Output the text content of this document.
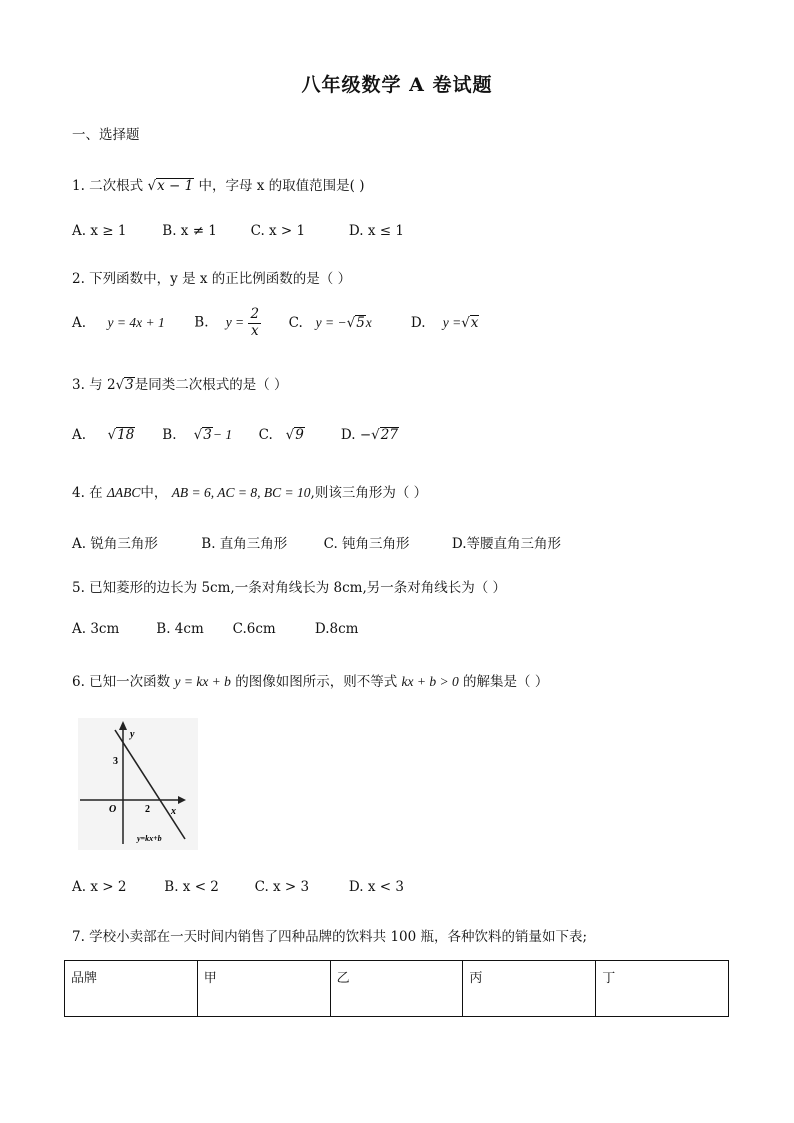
八年级数学 A 卷试题
一、选择题
1. 二次根式 √x − 1 中，字母 x 的取值范围是( )
A. x ≥ 1	B. x ≠ 1 C. x > 1	D. x ≤ 1
2. 下列函数中，y 是 x 的正比例函数的是（ ）
A. y = 4x + 1 B. $y = \frac{2}{x} C$. y = −√5x	D. y =√x
3. 与 2√3是同类二次根式的是（ ）
A.     √18 B.    √3− 1 C.   √9	D. −√27
4. 在 ΔABC中， AB = 6, AC = 8, BC = 10,则该三角形为（ ）
A. 锐角三角形	B. 直角三角形	C. 钝角三角形	D.等腰直角三角形
5. 已知菱形的边长为 5cm,一条对角线长为 8cm,另一条对角线长为（ ）
A. 3cm	B. 4cm C.6cm	D.8cm
6. 已知一次函数 y = kx + b 的图像如图所示，则不等式 kx + b > 0 的解集是（ ）
y
x
O
3
2
y=kx+b
A. x > 2	B. x < 2	C. x > 3	D. x < 3
7. 学校小卖部在一天时间内销售了四种品牌的饮料共 100 瓶，各种饮料的销量如下表;
品牌	甲	乙	丙	丁
